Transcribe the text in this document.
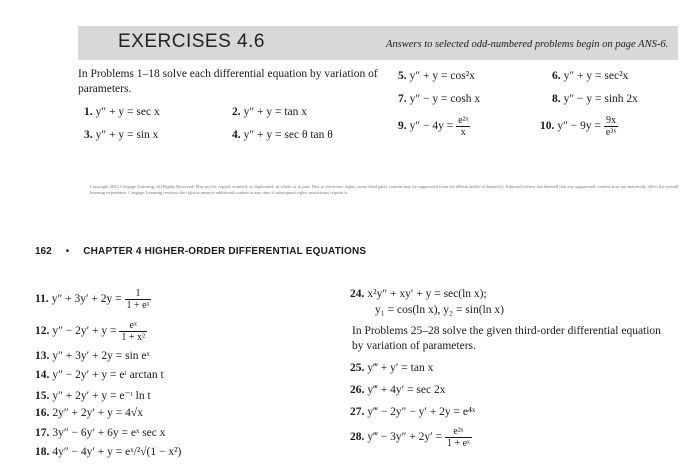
EXERCISES 4.6	Answers to selected odd-numbered problems begin on page ANS-6.
In Problems 1–18 solve each differential equation by variation of parameters.
1. y″ + y = sec x	2. y″ + y = tan x
3. y″ + y = sin x	4. y″ + y = sec θ tan θ
5. y″ + y = cos²x	6. y″ + y = sec²x
7. y″ − y = cosh x	8. y″ − y = sinh 2x
9. $y'' - 4y = \frac{\text{e²ˣ}}{x}$	10. $y'' - 9y = \frac{9x}{\text{e³ˣ}}$
Copyright 2012 Cengage Learning. All Rights Reserved. May not be copied, scanned, or duplicated, in whole or in part. Due to electronic rights, some third party content may be suppressed from the eBook and/or eChapter(s). Editorial review has deemed that any suppressed content does not materially affect the overall learning experience. Cengage Learning reserves the right to remove additional content at any time if subsequent rights restrictions require it.
162 • CHAPTER 4 HIGHER-ORDER DIFFERENTIAL EQUATIONS
11. $y'' + 3y' + 2y = \frac{1}{\text{1 + eˣ}}$
12. $y'' - 2y' + y = \frac{\text{eˣ}}{\text{1 + x²}}$
13. y″ + 3y′ + 2y = sin eˣ
14. y″ − 2y′ + y = eᵗ arctan t
15. y″ + 2y′ + y = e⁻ᵗ ln t
16. 2y″ + 2y′ + y = 4√x
17. 3y″ − 6y′ + 6y = eˣ sec x
18. 4y″ − 4y′ + y = eˣ/²√(1 − x²)
24. x²y″ + xy′ + y = sec(ln x);
y₁ = cos(ln x), y₂ = sin(ln x)
In Problems 25–28 solve the given third-order differential equation by variation of parameters.
25. y‴ + y′ = tan x
26. y‴ + 4y′ = sec 2x
27. y‴ − 2y″ − y′ + 2y = e⁴ˣ
28. y‴ − $3y'' + 2y' = \frac{\text{e²ˣ}}{\text{1 + eˣ}}$
